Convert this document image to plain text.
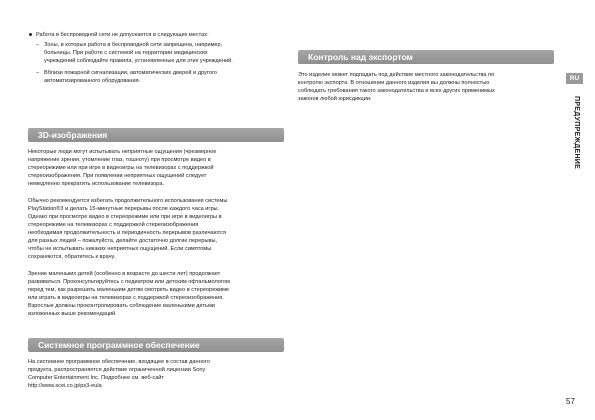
Работа в беспроводной сети не допускается в следующих местах:
– Зоны, в которых работа в беспроводной сети запрещена, например,
больницы. При работе с системой на территории медицинских
учреждений соблюдайте правила, установленные для этих учреждений.
– Вблизи пожарной сигнализации, автоматических дверей и другого
автоматизированного оборудования.
3D-изображения
Некоторые люди могут испытывать неприятные ощущения (чрезмерное
напряжение зрения, утомление глаз, тошноту) при просмотре видео в
стереорежиме или при игре в видеоигры на телевизорах с поддержкой
стереоизображения. При появлении неприятных ощущений следует
немедленно прекратить использование телевизора.
Обычно рекомендуется избегать продолжительного использования системы
PlayStation®3 и делать 15-минутные перерывы после каждого часа игры.
Однако при просмотре видео в стереорежиме или при игре в видеоигры в
стереорежиме на телевизорах с поддержкой стереоизображения
необходимая продолжительность и периодичность перерывов различаются
для разных людей – пожалуйста, делайте достаточно долгие перерывы,
чтобы не испытывать никаких неприятных ощущений. Если симптомы
сохраняются, обратитесь к врачу.
Зрение маленьких детей (особенно в возрасте до шести лет) продолжает
развиваться. Проконсультируйтесь с педиатром или детским офтальмологом
перед тем, как разрешить маленьким детям смотреть видео в стереорежиме
или играть в видеоигры на телевизорах с поддержкой стереоизображения.
Взрослые должны проконтролировать соблюдение маленькими детьми
изложенных выше рекомендаций.
Системное программное обеспечение
На системное программное обеспечение, входящее в состав данного
продукта, распространяется действие ограниченной лицензии Sony
Computer Entertainment Inc. Подробнее см. веб-сайт
http://www.scei.co.jp/ps3-eula
Контроль над экспортом
Это изделие может подпадать под действие местного законодательства по
контролю экспорта. В отношении данного изделия вы должны полностью
соблюдать требования такого законодательства и всех других применимых
законов любой юрисдикции.
RU
ПРЕДУПРЕЖДЕНИЕ
57
